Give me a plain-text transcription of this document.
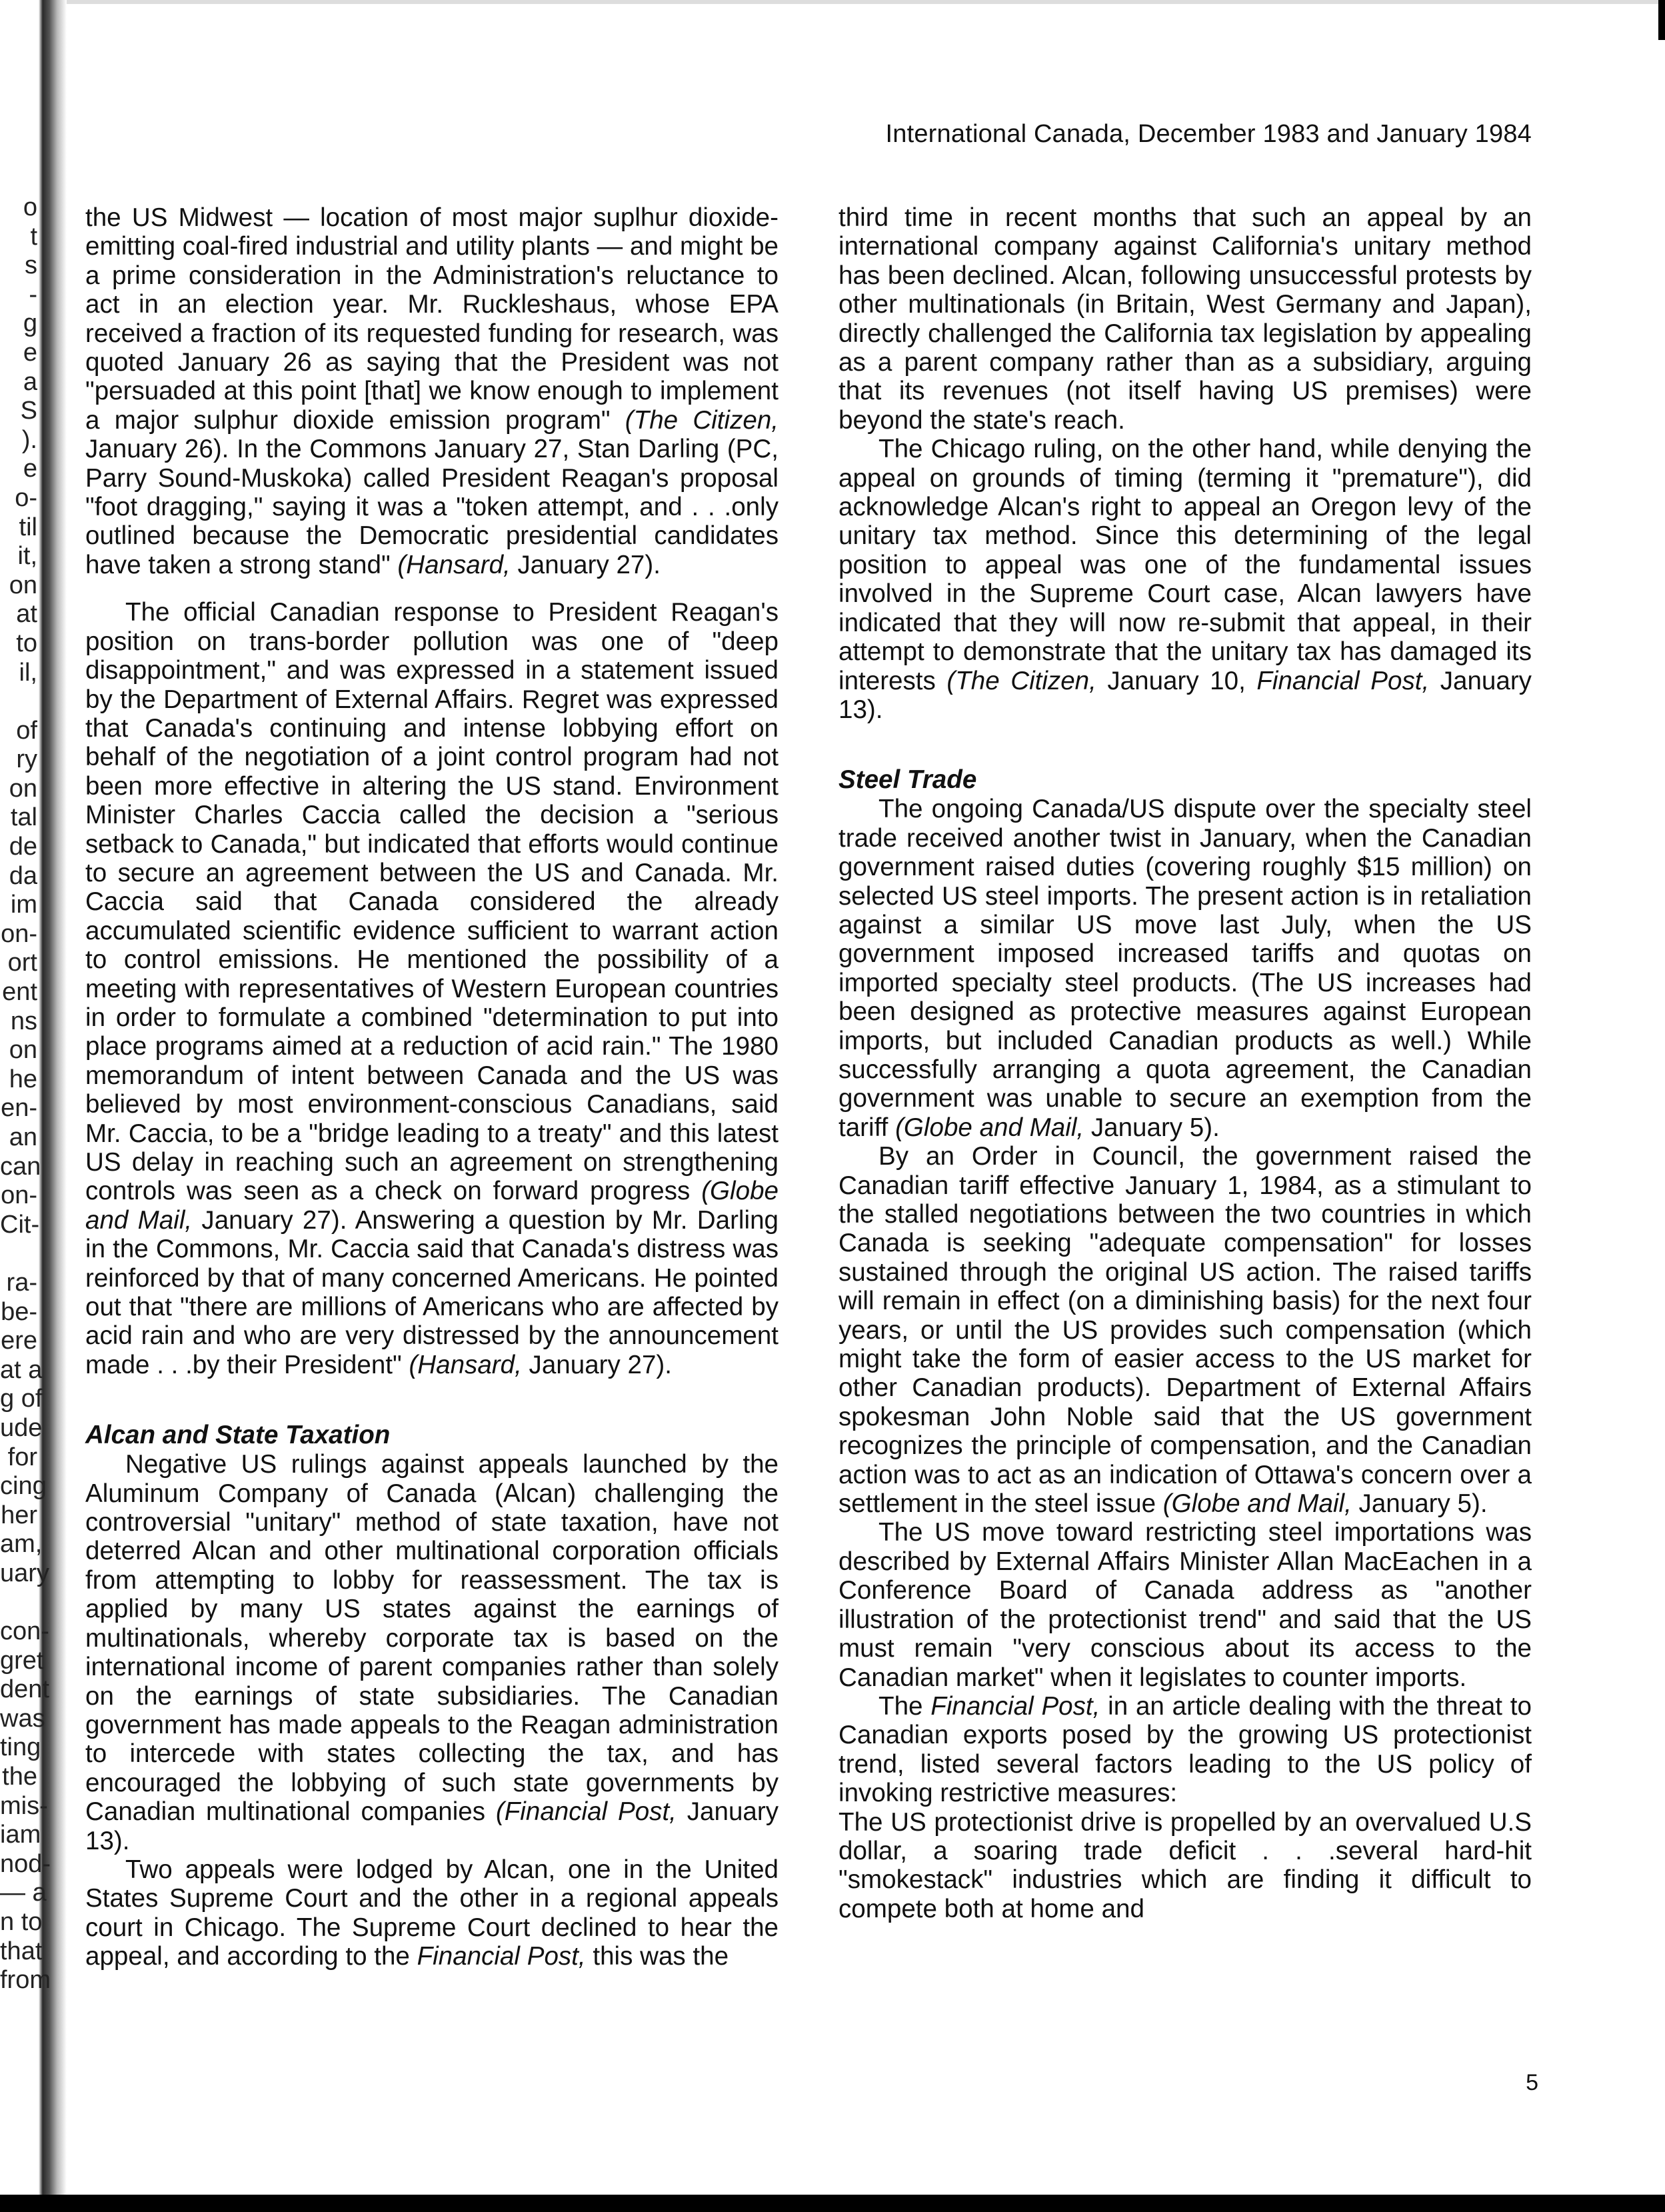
o
t
s
-
g
e
a
S
).
e
o-
til
it,
on
at
to
il,
of
ry
on
tal
de
da
im
on-
ort
ent
ns
on
he
en-
an
can
on-
Cit-
ra-
be-
ere
at a
g of
ude
for
cing
her
am,
uary
con-
gret
dent
was
ting
the
mis-
iam
nod-
— a
n to
that
from
International Canada, December 1983 and January 1984

the US Midwest — location of most major suplhur dioxide-emitting coal-fired industrial and utility plants — and might be a prime consideration in the Administration's reluctance to act in an election year. Mr. Ruckleshaus, whose EPA received a fraction of its requested funding for research, was quoted January 26 as saying that the President was not "persuaded at this point [that] we know enough to implement a major sulphur dioxide emission program" (The Citizen, January 26). In the Commons January 27, Stan Darling (PC, Parry Sound-Muskoka) called President Reagan's proposal "foot dragging," saying it was a "token attempt, and . . .only outlined because the Democratic presidential candidates have taken a strong stand" (Hansard, January 27).

The official Canadian response to President Reagan's position on trans-border pollution was one of "deep disappointment," and was expressed in a statement issued by the Department of External Affairs. Regret was expressed that Canada's continuing and intense lobbying effort on behalf of the negotiation of a joint control program had not been more effective in altering the US stand. Environment Minister Charles Caccia called the decision a "serious setback to Canada," but indicated that efforts would continue to secure an agreement between the US and Canada. Mr. Caccia said that Canada considered the already accumulated scientific evidence sufficient to warrant action to control emissions. He mentioned the possibility of a meeting with representatives of Western European countries in order to formulate a combined "determination to put into place programs aimed at a reduction of acid rain." The 1980 memorandum of intent between Canada and the US was believed by most environment-conscious Canadians, said Mr. Caccia, to be a "bridge leading to a treaty" and this latest US delay in reaching such an agreement on strengthening controls was seen as a check on forward progress (Globe and Mail, January 27). Answering a question by Mr. Darling in the Commons, Mr. Caccia said that Canada's distress was reinforced by that of many concerned Americans. He pointed out that "there are millions of Americans who are affected by acid rain and who are very distressed by the announcement made . . .by their President" (Hansard, January 27).

Alcan and State Taxation

Negative US rulings against appeals launched by the Aluminum Company of Canada (Alcan) challenging the controversial "unitary" method of state taxation, have not deterred Alcan and other multinational corporation officials from attempting to lobby for reassessment. The tax is applied by many US states against the earnings of multinationals, whereby corporate tax is based on the international income of parent companies rather than solely on the earnings of state subsidiaries. The Canadian government has made appeals to the Reagan administration to intercede with states collecting the tax, and has encouraged the lobbying of such state governments by Canadian multinational companies (Financial Post, January 13).

Two appeals were lodged by Alcan, one in the United States Supreme Court and the other in a regional appeals court in Chicago. The Supreme Court declined to hear the appeal, and according to the Financial Post, this was the

third time in recent months that such an appeal by an international company against California's unitary method has been declined. Alcan, following unsuccessful protests by other multinationals (in Britain, West Germany and Japan), directly challenged the California tax legislation by appealing as a parent company rather than as a subsidiary, arguing that its revenues (not itself having US premises) were beyond the state's reach.

The Chicago ruling, on the other hand, while denying the appeal on grounds of timing (terming it "premature"), did acknowledge Alcan's right to appeal an Oregon levy of the unitary tax method. Since this determining of the legal position to appeal was one of the fundamental issues involved in the Supreme Court case, Alcan lawyers have indicated that they will now re-submit that appeal, in their attempt to demonstrate that the unitary tax has damaged its interests (The Citizen, January 10, Financial Post, January 13).

Steel Trade

The ongoing Canada/US dispute over the specialty steel trade received another twist in January, when the Canadian government raised duties (covering roughly $15 million) on selected US steel imports. The present action is in retaliation against a similar US move last July, when the US government imposed increased tariffs and quotas on imported specialty steel products. (The US increases had been designed as protective measures against European imports, but included Canadian products as well.) While successfully arranging a quota agreement, the Canadian government was unable to secure an exemption from the tariff (Globe and Mail, January 5).

By an Order in Council, the government raised the Canadian tariff effective January 1, 1984, as a stimulant to the stalled negotiations between the two countries in which Canada is seeking "adequate compensation" for losses sustained through the original US action. The raised tariffs will remain in effect (on a diminishing basis) for the next four years, or until the US provides such compensation (which might take the form of easier access to the US market for other Canadian products). Department of External Affairs spokesman John Noble said that the US government recognizes the principle of compensation, and the Canadian action was to act as an indication of Ottawa's concern over a settlement in the steel issue (Globe and Mail, January 5).

The US move toward restricting steel importations was described by External Affairs Minister Allan MacEachen in a Conference Board of Canada address as "another illustration of the protectionist trend" and said that the US must remain "very conscious about its access to the Canadian market" when it legislates to counter imports.

The Financial Post, in an article dealing with the threat to Canadian exports posed by the growing US protectionist trend, listed several factors leading to the US policy of invoking restrictive measures:

The US protectionist drive is propelled by an overvalued U.S dollar, a soaring trade deficit . . .several hard-hit "smokestack" industries which are finding it difficult to compete both at home and

5
